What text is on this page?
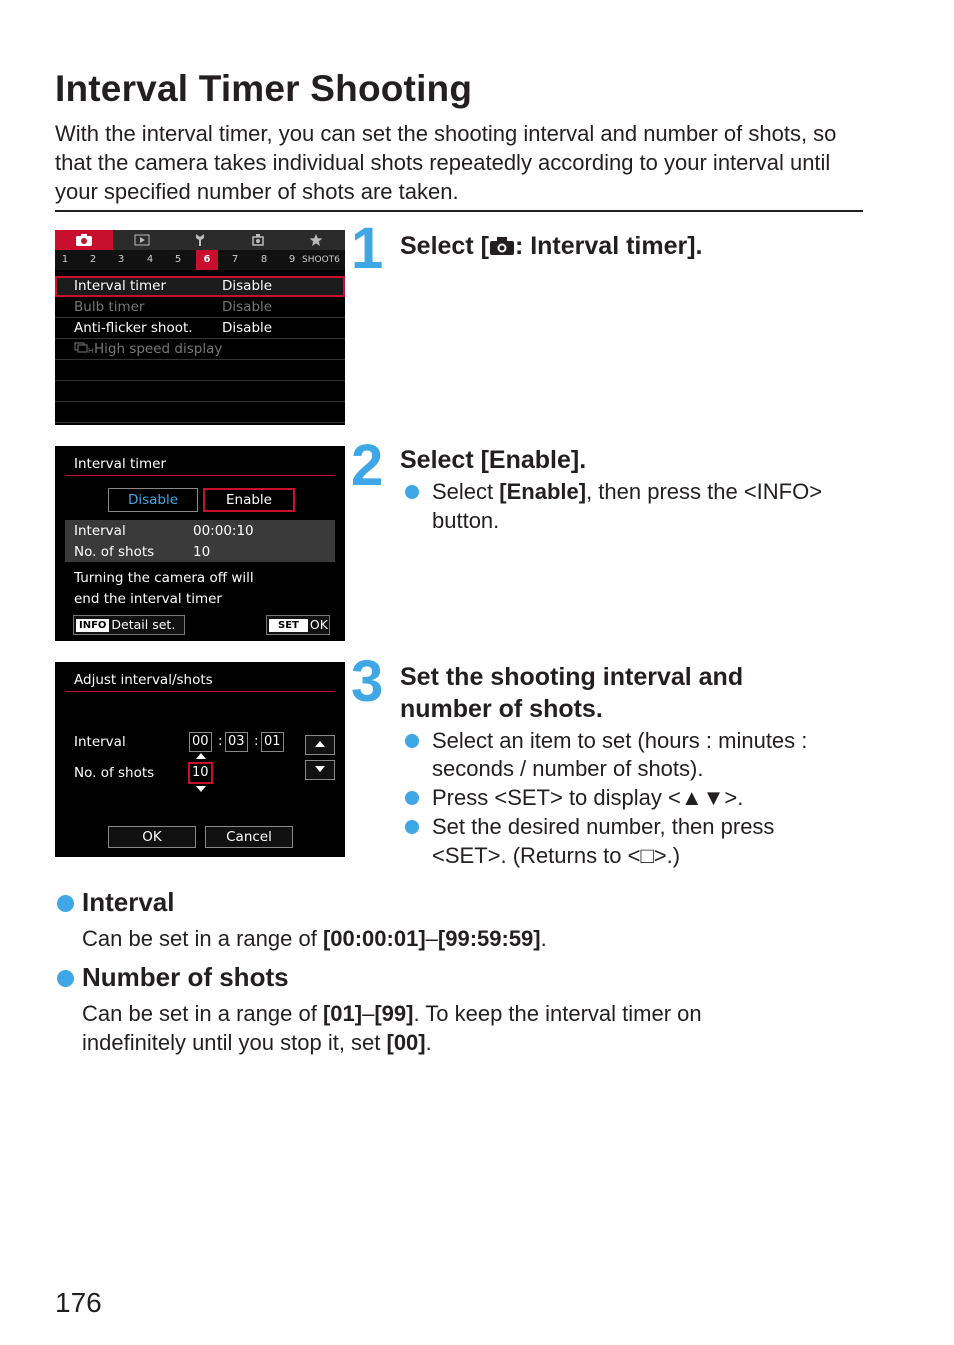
Interval Timer Shooting

With the interval timer, you can set the shooting interval and number of shots, so that the camera takes individual shots repeatedly according to your interval until your specified number of shots are taken.

1	2	3	4	5	6	7	8	9 SHOOT6
Interval timer	Disable
Bulb timer	Disable
Anti-flicker shoot. Disable
H High speed display
Interval timer
Disable	Enable
Interval	00:00:10
No. of shots	10
Turning the camera off will
end the interval timer
INFO Detail set.	SET OK
Adjust interval/shots
Interval	00 : 03 : 01
No. of shots	10
OK	Cancel
1 Select [ : Interval timer].
2 Select [Enable].
Select [Enable], then press the <INFO>
button.
3 Set the shooting interval and
number of shots.
Select an item to set (hours : minutes :
seconds / number of shots).
Press <SET> to display <▲▼>.
Set the desired number, then press
<SET>. (Returns to <□>.)
Interval
Can be set in a range of [00:00:01]–[99:59:59].
Number of shots
Can be set in a range of [01]–[99]. To keep the interval timer on
indefinitely until you stop it, set [00].
176
